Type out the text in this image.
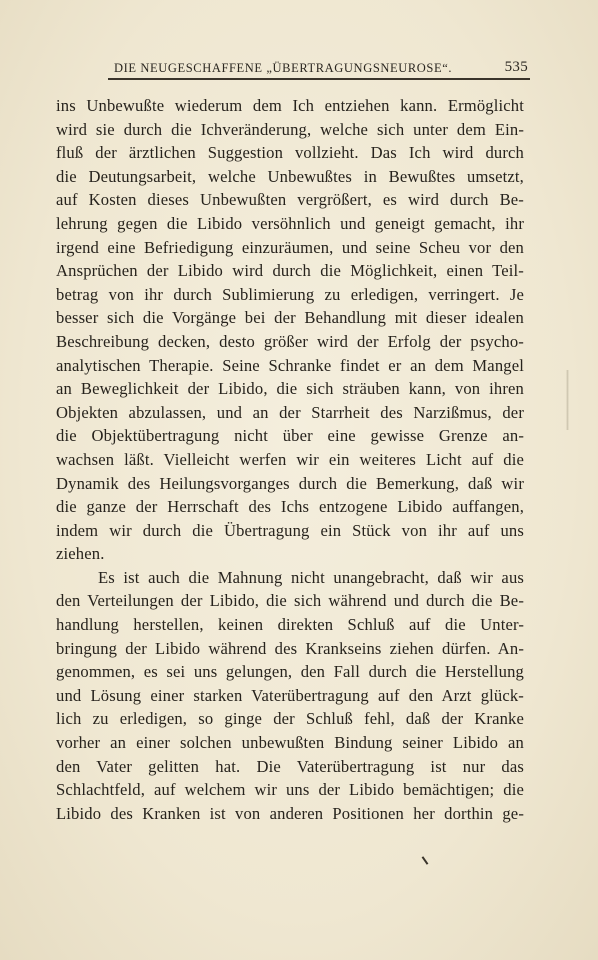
DIE NEUGESCHAFFENE „ÜBERTRAGUNGSNEUROSE“.	535
ins Unbewußte wiederum dem Ich entziehen kann. Ermöglicht
wird sie durch die Ichveränderung, welche sich unter dem Ein-
fluß der ärztlichen Suggestion vollzieht. Das Ich wird durch
die Deutungsarbeit, welche Unbewußtes in Bewußtes umsetzt,
auf Kosten dieses Unbewußten vergrößert, es wird durch Be-
lehrung gegen die Libido versöhnlich und geneigt gemacht, ihr
irgend eine Befriedigung einzuräumen, und seine Scheu vor den
Ansprüchen der Libido wird durch die Möglichkeit, einen Teil-
betrag von ihr durch Sublimierung zu erledigen, verringert. Je
besser sich die Vorgänge bei der Behandlung mit dieser idealen
Beschreibung decken, desto größer wird der Erfolg der psycho-
analytischen Therapie. Seine Schranke findet er an dem Mangel
an Beweglichkeit der Libido, die sich sträuben kann, von ihren
Objekten abzulassen, und an der Starrheit des Narzißmus, der
die Objektübertragung nicht über eine gewisse Grenze an-
wachsen läßt. Vielleicht werfen wir ein weiteres Licht auf die
Dynamik des Heilungsvorganges durch die Bemerkung, daß wir
die ganze der Herrschaft des Ichs entzogene Libido auffangen,
indem wir durch die Übertragung ein Stück von ihr auf uns
ziehen.
Es ist auch die Mahnung nicht unangebracht, daß wir aus
den Verteilungen der Libido, die sich während und durch die Be-
handlung herstellen, keinen direkten Schluß auf die Unter-
bringung der Libido während des Krankseins ziehen dürfen. An-
genommen, es sei uns gelungen, den Fall durch die Herstellung
und Lösung einer starken Vaterübertragung auf den Arzt glück-
lich zu erledigen, so ginge der Schluß fehl, daß der Kranke
vorher an einer solchen unbewußten Bindung seiner Libido an
den Vater gelitten hat. Die Vaterübertragung ist nur das
Schlachtfeld, auf welchem wir uns der Libido bemächtigen; die
Libido des Kranken ist von anderen Positionen her dorthin ge-
